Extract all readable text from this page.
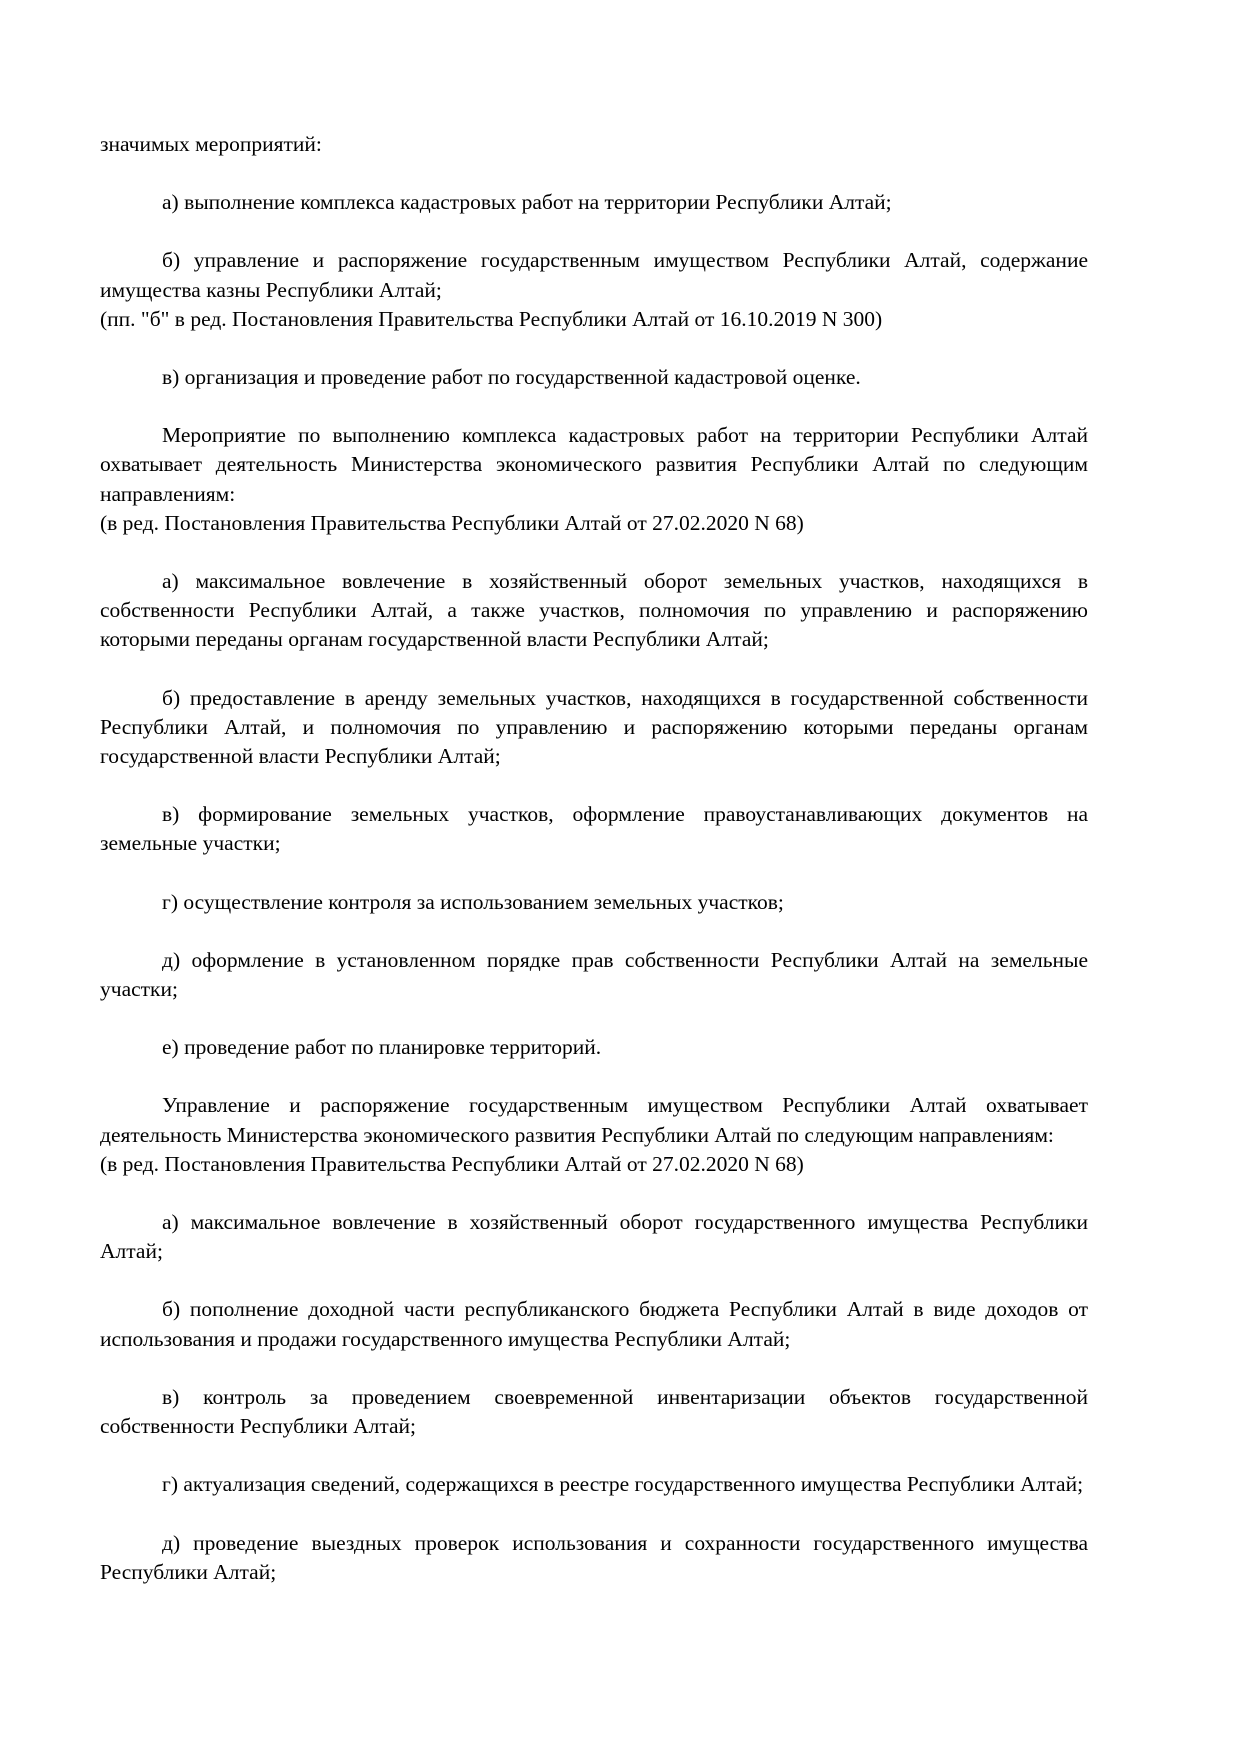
значимых мероприятий:

а) выполнение комплекса кадастровых работ на территории Республики Алтай;

б) управление и распоряжение государственным имуществом Республики Алтай, содержание имущества казны Республики Алтай;

(пп. "б" в ред. Постановления Правительства Республики Алтай от 16.10.2019 N 300)

в) организация и проведение работ по государственной кадастровой оценке.

Мероприятие по выполнению комплекса кадастровых работ на территории Республики Алтай охватывает деятельность Министерства экономического развития Республики Алтай по следующим направлениям:

(в ред. Постановления Правительства Республики Алтай от 27.02.2020 N 68)

а) максимальное вовлечение в хозяйственный оборот земельных участков, находящихся в собственности Республики Алтай, а также участков, полномочия по управлению и распоряжению которыми переданы органам государственной власти Республики Алтай;

б) предоставление в аренду земельных участков, находящихся в государственной собственности Республики Алтай, и полномочия по управлению и распоряжению которыми переданы органам государственной власти Республики Алтай;

в) формирование земельных участков, оформление правоустанавливающих документов на земельные участки;

г) осуществление контроля за использованием земельных участков;

д) оформление в установленном порядке прав собственности Республики Алтай на земельные участки;

е) проведение работ по планировке территорий.

Управление и распоряжение государственным имуществом Республики Алтай охватывает деятельность Министерства экономического развития Республики Алтай по следующим направлениям:

(в ред. Постановления Правительства Республики Алтай от 27.02.2020 N 68)

а) максимальное вовлечение в хозяйственный оборот государственного имущества Республики Алтай;

б) пополнение доходной части республиканского бюджета Республики Алтай в виде доходов от использования и продажи государственного имущества Республики Алтай;

в) контроль за проведением своевременной инвентаризации объектов государственной собственности Республики Алтай;

г) актуализация сведений, содержащихся в реестре государственного имущества Республики Алтай;

д) проведение выездных проверок использования и сохранности государственного имущества Республики Алтай;
